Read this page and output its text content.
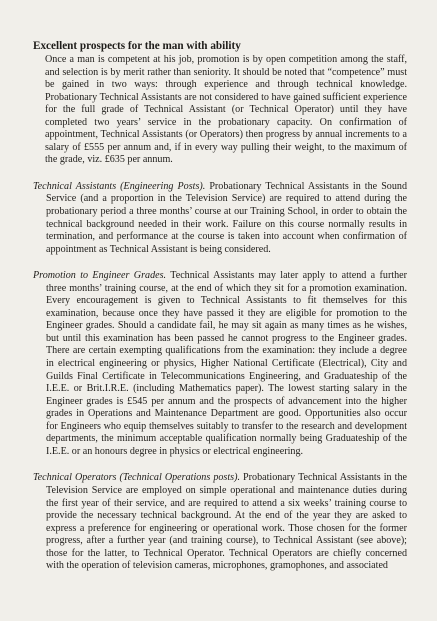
Excellent prospects for the man with ability

Once a man is competent at his job, promotion is by open competition among the staff, and selection is by merit rather than seniority. It should be noted that “competence” must be gained in two ways: through experience and through technical knowledge. Probationary Technical Assistants are not considered to have gained sufficient experience for the full grade of Technical Assistant (or Technical Operator) until they have completed two years’ service in the probationary capacity. On confirmation of appointment, Technical Assistants (or Operators) then progress by annual increments to a salary of £555 per annum and, if in every way pulling their weight, to the maximum of the grade, viz. £635 per annum.

Technical Assistants (Engineering Posts). Probationary Technical Assistants in the Sound Service (and a proportion in the Television Service) are required to attend during the probationary period a three months’ course at our Training School, in order to obtain the technical background needed in their work. Failure on this course normally results in termination, and performance at the course is taken into account when confirmation of appointment as Technical Assistant is being considered.

Promotion to Engineer Grades. Technical Assistants may later apply to attend a further three months’ training course, at the end of which they sit for a promotion examination. Every encouragement is given to Technical Assistants to fit themselves for this examination, because once they have passed it they are eligible for promotion to the Engineer grades. Should a candidate fail, he may sit again as many times as he wishes, but until this examination has been passed he cannot progress to the Engineer grades. There are certain exempting qualifications from the examination: they include a degree in electrical engineering or physics, Higher National Certificate (Electrical), City and Guilds Final Certificate in Telecommunications Engineering, and Graduateship of the I.E.E. or Brit.I.R.E. (including Mathematics paper). The lowest starting salary in the Engineer grades is £545 per annum and the prospects of advancement into the higher grades in Operations and Maintenance Department are good. Opportunities also occur for Engineers who equip themselves suitably to transfer to the research and development departments, the minimum acceptable qualification normally being Graduateship of the I.E.E. or an honours degree in physics or electrical engineering.

Technical Operators (Technical Operations posts). Probationary Technical Assistants in the Television Service are employed on simple operational and maintenance duties during the first year of their service, and are required to attend a six weeks’ training course to provide the necessary technical background. At the end of the year they are asked to express a preference for engineering or operational work. Those chosen for the former progress, after a further year (and training course), to Technical Assistant (see above); those for the latter, to Technical Operator. Technical Operators are chiefly concerned with the operation of television cameras, microphones, gramophones, and associated
